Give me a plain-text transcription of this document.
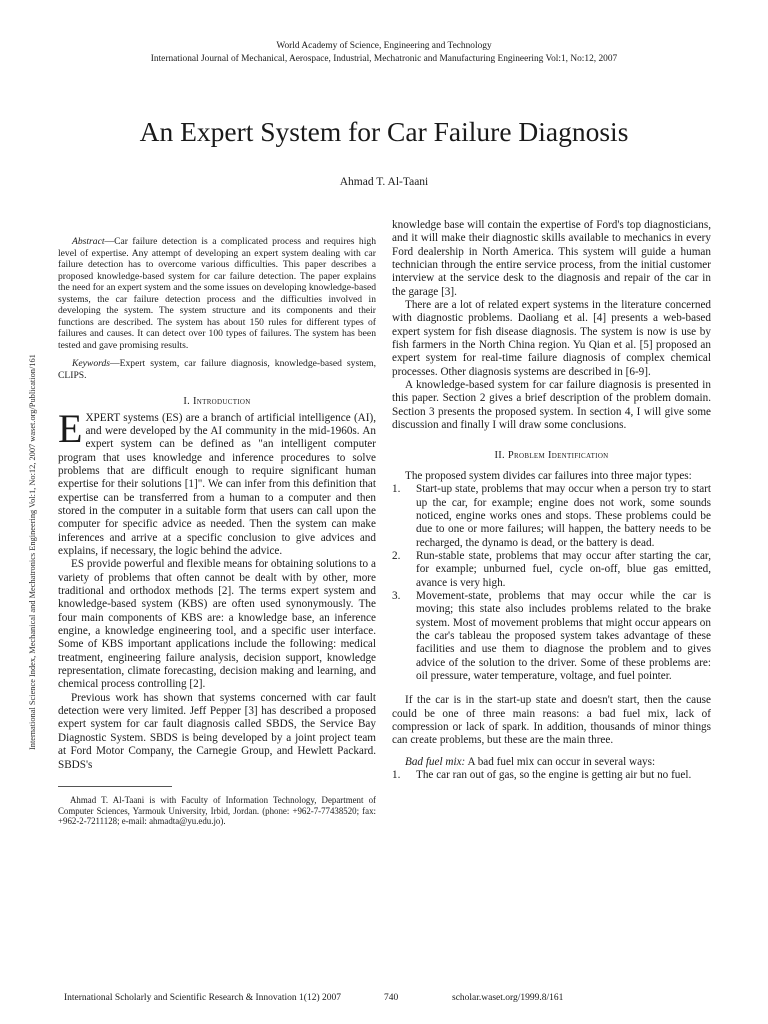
World Academy of Science, Engineering and Technology
International Journal of Mechanical, Aerospace, Industrial, Mechatronic and Manufacturing Engineering Vol:1, No:12, 2007
An Expert System for Car Failure Diagnosis
Ahmad T. Al-Taani
International Science Index, Mechanical and Mechatronics Engineering Vol:1, No:12, 2007 waset.org/Publication/161

Abstract—Car failure detection is a complicated process and requires high level of expertise. Any attempt of developing an expert system dealing with car failure detection has to overcome various difficulties. This paper describes a proposed knowledge-based system for car failure detection. The paper explains the need for an expert system and the some issues on developing knowledge-based systems, the car failure detection process and the difficulties involved in developing the system. The system structure and its components and their functions are described. The system has about 150 rules for different types of failures and causes. It can detect over 100 types of failures. The system has been tested and gave promising results.

Keywords—Expert system, car failure diagnosis, knowledge-based system, CLIPS.

I. Introduction

EXPERT systems (ES) are a branch of artificial intelligence (AI), and were developed by the AI community in the mid-1960s. An expert system can be defined as "an intelligent computer program that uses knowledge and inference procedures to solve problems that are difficult enough to require significant human expertise for their solutions [1]". We can infer from this definition that expertise can be transferred from a human to a computer and then stored in the computer in a suitable form that users can call upon the computer for specific advice as needed. Then the system can make inferences and arrive at a specific conclusion to give advices and explains, if necessary, the logic behind the advice.

ES provide powerful and flexible means for obtaining solutions to a variety of problems that often cannot be dealt with by other, more traditional and orthodox methods [2]. The terms expert system and knowledge-based system (KBS) are often used synonymously. The four main components of KBS are: a knowledge base, an inference engine, a knowledge engineering tool, and a specific user interface. Some of KBS important applications include the following: medical treatment, engineering failure analysis, decision support, knowledge representation, climate forecasting, decision making and learning, and chemical process controlling [2].

Previous work has shown that systems concerned with car fault detection were very limited. Jeff Pepper [3] has described a proposed expert system for car fault diagnosis called SBDS, the Service Bay Diagnostic System. SBDS is being developed by a joint project team at Ford Motor Company, the Carnegie Group, and Hewlett Packard. SBDS's

Ahmad T. Al-Taani is with Faculty of Information Technology, Department of Computer Sciences, Yarmouk University, Irbid, Jordan. (phone: +962-7-77438520; fax: +962-2-7211128; e-mail: ahmadta@yu.edu.jo).

knowledge base will contain the expertise of Ford's top diagnosticians, and it will make their diagnostic skills available to mechanics in every Ford dealership in North America. This system will guide a human technician through the entire service process, from the initial customer interview at the service desk to the diagnosis and repair of the car in the garage [3].

There are a lot of related expert systems in the literature concerned with diagnostic problems. Daoliang et al. [4] presents a web-based expert system for fish disease diagnosis. The system is now is use by fish farmers in the North China region. Yu Qian et al. [5] proposed an expert system for real-time failure diagnosis of complex chemical processes. Other diagnosis systems are described in [6-9].

A knowledge-based system for car failure diagnosis is presented in this paper. Section 2 gives a brief description of the problem domain. Section 3 presents the proposed system. In section 4, I will give some discussion and finally I will draw some conclusions.

II. Problem Identification

The proposed system divides car failures into three major types:

1. Start-up state, problems that may occur when a person try to start up the car, for example; engine does not work, some sounds noticed, engine works ones and stops. These problems could be due to one or more failures; will happen, the battery needs to be recharged, the dynamo is dead, or the battery is dead.
2. Run-stable state, problems that may occur after starting the car, for example; unburned fuel, cycle on-off, blue gas emitted, avance is very high.
3. Movement-state, problems that may occur while the car is moving; this state also includes problems related to the brake system. Most of movement problems that might occur appears on the car's tableau the proposed system takes advantage of these facilities and use them to diagnose the problem and to gives advice of the solution to the driver. Some of these problems are: oil pressure, water temperature, voltage, and fuel pointer.

If the car is in the start-up state and doesn't start, then the cause could be one of three main reasons: a bad fuel mix, lack of compression or lack of spark. In addition, thousands of minor things can create problems, but these are the main three.

Bad fuel mix: A bad fuel mix can occur in several ways:

1. The car ran out of gas, so the engine is getting air but no fuel.
International Scholarly and Scientific Research & Innovation 1(12) 2007	740	scholar.waset.org/1999.8/161
